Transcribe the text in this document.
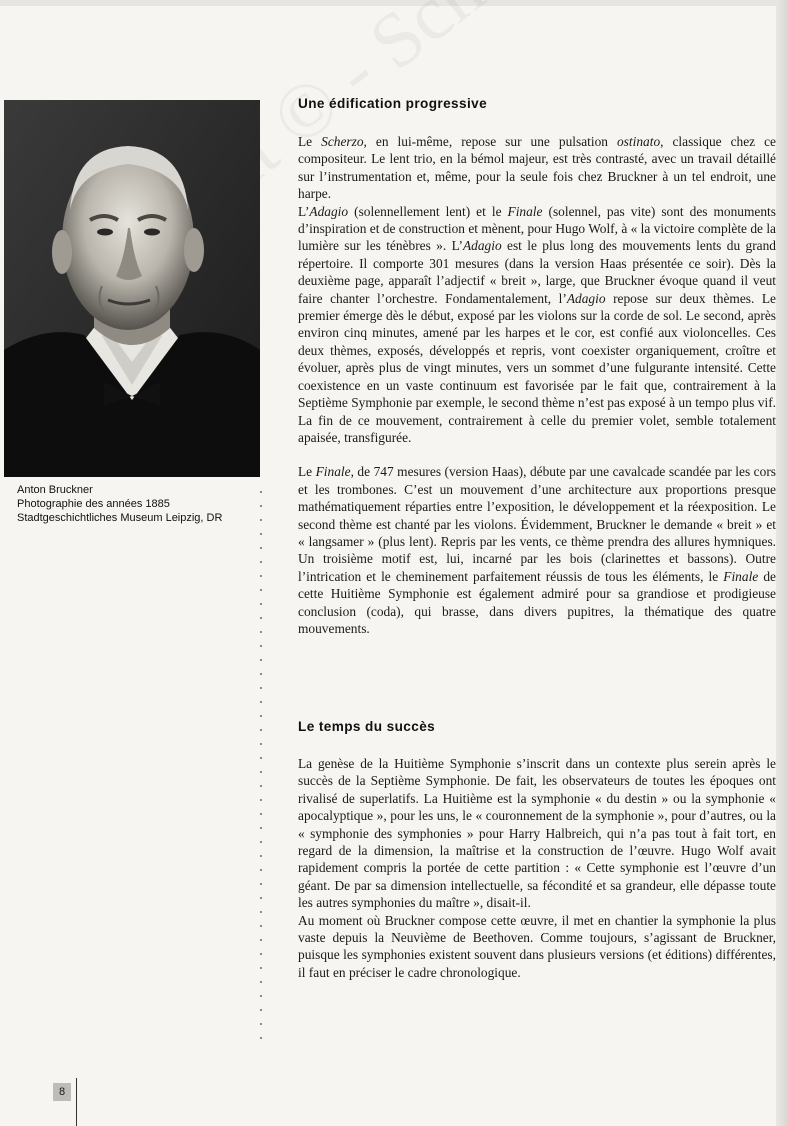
Anton Bruckner
Photographie des années 1885
Stadtgeschichtliches Museum Leipzig, DR
Une édification progressive

Le Scherzo, en lui-même, repose sur une pulsation ostinato, classique chez ce compositeur. Le lent trio, en la bémol majeur, est très contrasté, avec un travail détaillé sur l’instrumentation et, même, pour la seule fois chez Bruckner à un tel endroit, une harpe.

L’Adagio (solennellement lent) et le Finale (solennel, pas vite) sont des monuments d’inspiration et de construction et mènent, pour Hugo Wolf, à « la victoire complète de la lumière sur les ténèbres ». L’Adagio est le plus long des mouvements lents du grand répertoire. Il comporte 301 mesures (dans la version Haas présentée ce soir). Dès la deuxième page, apparaît l’adjectif « breit », large, que Bruckner évoque quand il veut faire chanter l’orchestre. Fondamentalement, l’Adagio repose sur deux thèmes. Le premier émerge dès le début, exposé par les violons sur la corde de sol. Le second, après environ cinq minutes, amené par les harpes et le cor, est confié aux violoncelles. Ces deux thèmes, exposés, développés et repris, vont coexister organiquement, croître et évoluer, après plus de vingt minutes, vers un sommet d’une fulgurante intensité. Cette coexistence en un vaste continuum est favorisée par le fait que, contrairement à la Septième Symphonie par exemple, le second thème n’est pas exposé à un tempo plus vif. La fin de ce mouvement, contrairement à celle du premier volet, semble totalement apaisée, transfigurée.

Le Finale, de 747 mesures (version Haas), débute par une cavalcade scandée par les cors et les trombones. C’est un mouvement d’une architecture aux proportions presque mathématiquement réparties entre l’exposition, le développement et la réexposition. Le second thème est chanté par les violons. Évidemment, Bruckner le demande « breit » et « langsamer » (plus lent). Repris par les vents, ce thème prendra des allures hymniques. Un troisième motif est, lui, incarné par les bois (clarinettes et bassons). Outre l’intrication et le cheminement parfaitement réussis de tous les éléments, le Finale de cette Huitième Symphonie est également admiré pour sa grandiose et prodigieuse conclusion (coda), qui brasse, dans divers pupitres, la thématique des quatre mouvements.

Le temps du succès

La genèse de la Huitième Symphonie s’inscrit dans un contexte plus serein après le succès de la Septième Symphonie. De fait, les observateurs de toutes les époques ont rivalisé de superlatifs. La Huitième est la symphonie « du destin » ou la symphonie « apocalyptique », pour les uns, le « couronnement de la symphonie », pour d’autres, ou la « symphonie des symphonies » pour Harry Halbreich, qui n’a pas tout à fait tort, en regard de la dimension, la maîtrise et la construction de l’œuvre. Hugo Wolf avait rapidement compris la portée de cette partition : « Cette symphonie est l’œuvre d’un géant. De par sa dimension intellectuelle, sa fécondité et sa grandeur, elle dépasse toute les autres symphonies du maître », disait-il.

Au moment où Bruckner compose cette œuvre, il met en chantier la symphonie la plus vaste depuis la Neuvième de Beethoven. Comme toujours, s’agissant de Bruckner, puisque les symphonies existent souvent dans plusieurs versions (et éditions) différentes, il faut en préciser le cadre chronologique.

8
